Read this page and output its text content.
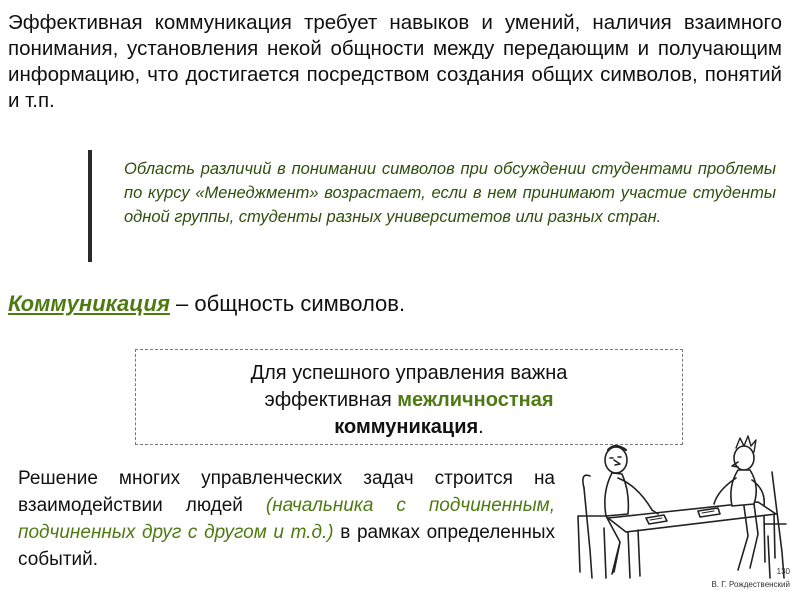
Эффективная коммуникация требует навыков и умений, наличия взаимного понимания, установления некой общности между передающим и получающим информацию, что достигается посредством создания общих символов, понятий и т.п.

Область различий в понимании символов при обсуждении студентами проблемы по курсу «Менеджмент» возрастает, если в нем принимают участие студенты одной группы, студенты разных университетов или разных стран.

Коммуникация – общность символов.

Для успешного управления важна
эффективная межличностная
коммуникация.

Решение многих управленческих задач строится на взаимодействии людей (начальника с подчиненным, подчиненных друг с другом и т.д.) в рамках определенных событий.

130
В. Г. Рождественский
